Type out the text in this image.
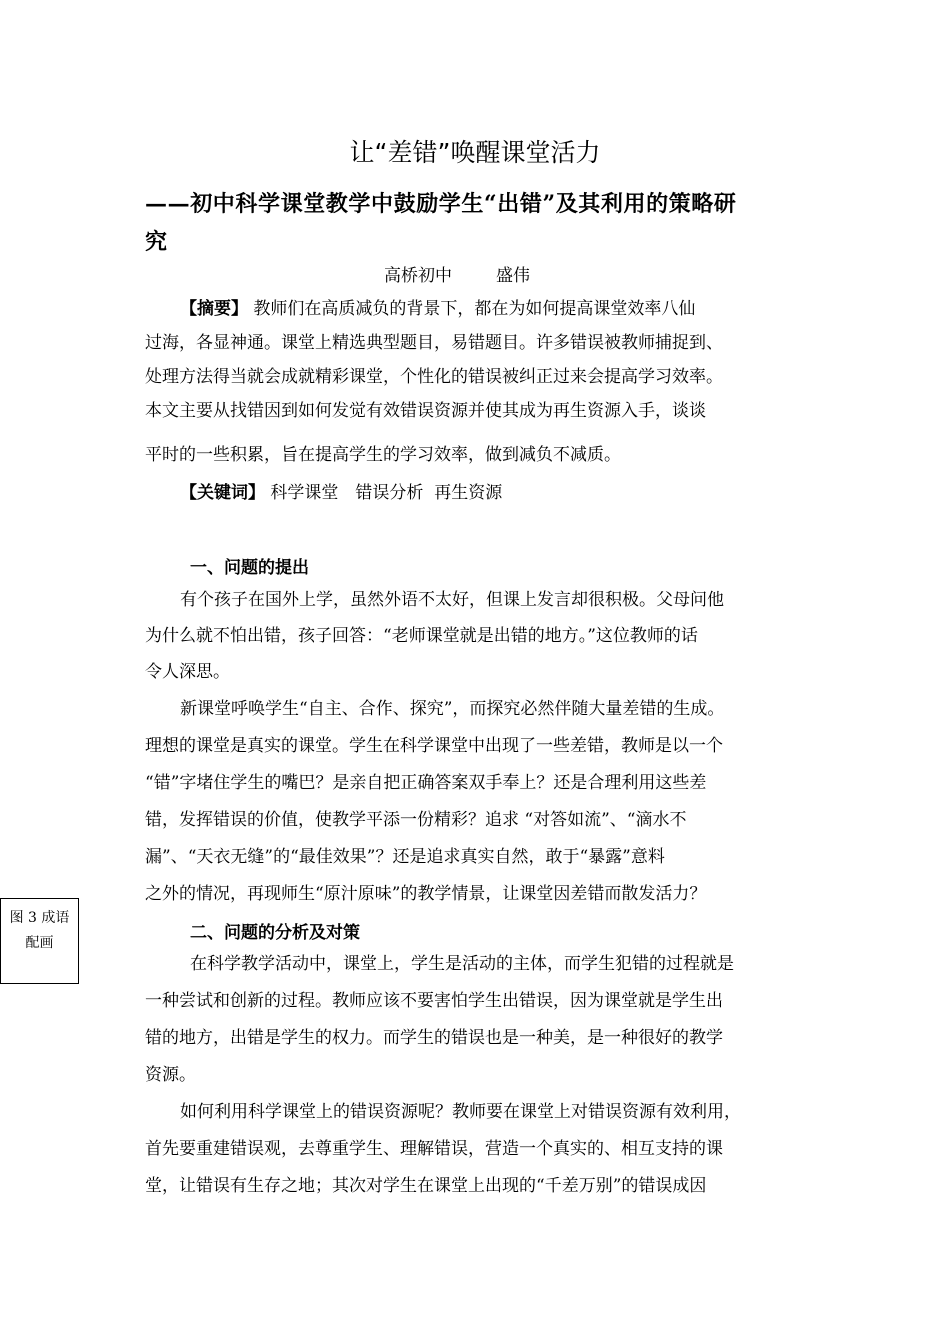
让“差错”唤醒课堂活力
——初中科学课堂教学中鼓励学生“出错”及其利用的策略研
究
高桥初中	盛伟
【摘要】 教师们在高质减负的背景下，都在为如何提高课堂效率八仙
过海，各显神通。课堂上精选典型题目，易错题目。许多错误被教师捕捉到、
处理方法得当就会成就精彩课堂，个性化的错误被纠正过来会提高学习效率。
本文主要从找错因到如何发觉有效错误资源并使其成为再生资源入手，谈谈
平时的一些积累，旨在提高学生的学习效率，做到减负不减质。
【关键词】 科学课堂　错误分析  再生资源
一、问题的提出
有个孩子在国外上学，虽然外语不太好，但课上发言却很积极。父母问他
为什么就不怕出错，孩子回答：“老师课堂就是出错的地方。”这位教师的话
令人深思。
新课堂呼唤学生“自主、合作、探究”，而探究必然伴随大量差错的生成。
理想的课堂是真实的课堂。学生在科学课堂中出现了一些差错，教师是以一个
“错”字堵住学生的嘴巴？是亲自把正确答案双手奉上？还是合理利用这些差
错，发挥错误的价值，使教学平添一份精彩？追求 “对答如流”、“滴水不
漏”、“天衣无缝”的“最佳效果”？还是追求真实自然，敢于“暴露”意料
之外的情况，再现师生“原汁原味”的教学情景，让课堂因差错而散发活力？
图 3 成语配画	二、问题的分析及对策
在科学教学活动中，课堂上，学生是活动的主体，而学生犯错的过程就是
一种尝试和创新的过程。教师应该不要害怕学生出错误，因为课堂就是学生出
错的地方，出错是学生的权力。而学生的错误也是一种美，是一种很好的教学
资源。
如何利用科学课堂上的错误资源呢？教师要在课堂上对错误资源有效利用，
首先要重建错误观，去尊重学生、理解错误，营造一个真实的、相互支持的课
堂，让错误有生存之地；其次对学生在课堂上出现的“千差万别”的错误成因
